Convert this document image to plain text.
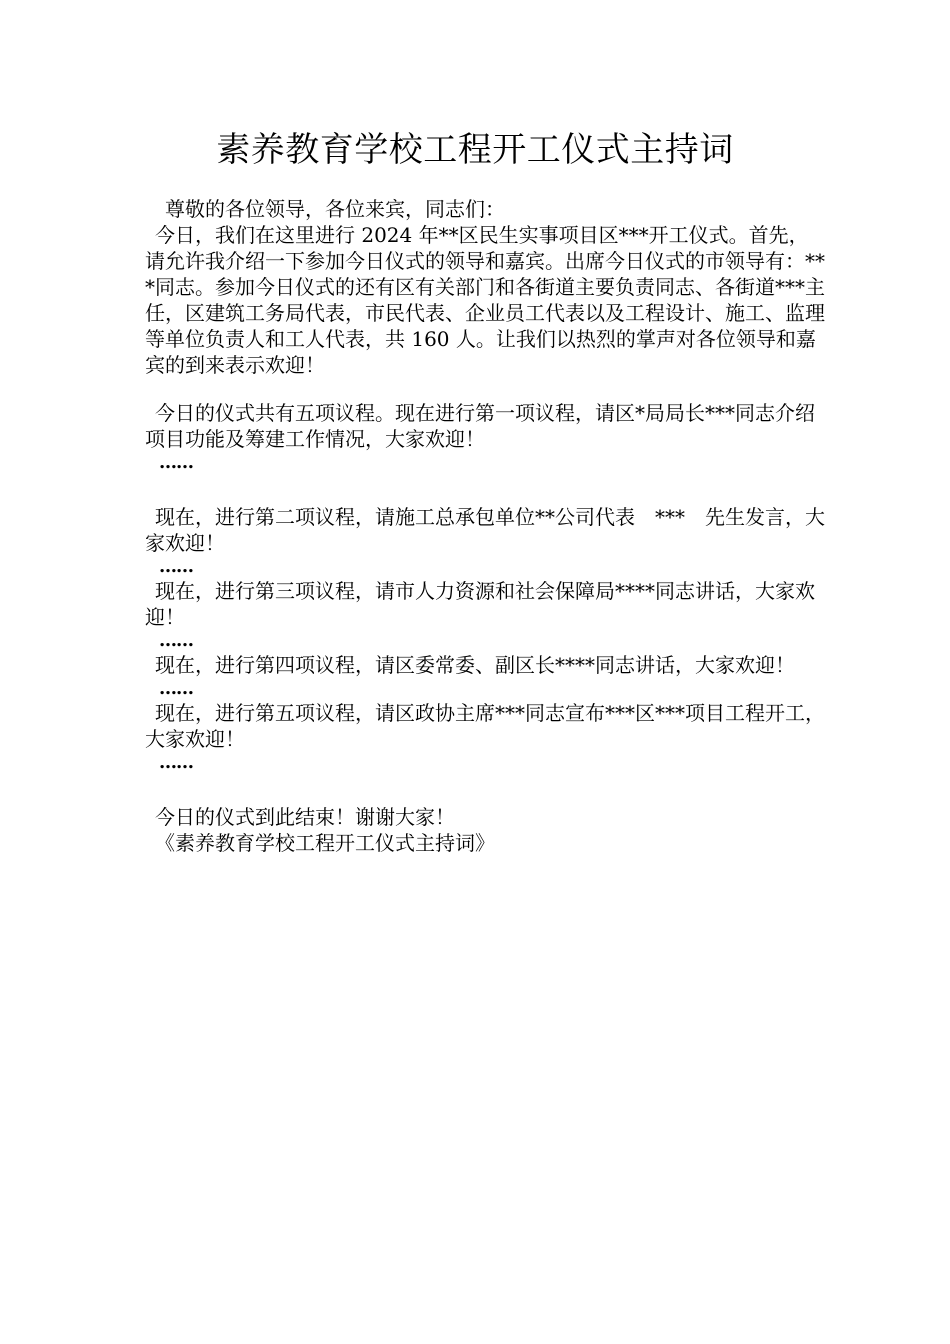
素养教育学校工程开工仪式主持词

尊敬的各位领导，各位来宾，同志们：

今日，我们在这里进行 2024 年**区民生实事项目区***开工仪式。首先，请允许我介绍一下参加今日仪式的领导和嘉宾。出席今日仪式的市领导有：***同志。参加今日仪式的还有区有关部门和各街道主要负责同志、各街道***主任，区建筑工务局代表，市民代表、企业员工代表以及工程设计、施工、监理等单位负责人和工人代表，共 160 人。让我们以热烈的掌声对各位领导和嘉宾的到来表示欢迎！

今日的仪式共有五项议程。现在进行第一项议程，请区*局局长***同志介绍项目功能及筹建工作情况，大家欢迎！

……

现在，进行第二项议程，请施工总承包单位**公司代表　***　先生发言，大家欢迎！

……

现在，进行第三项议程，请市人力资源和社会保障局****同志讲话，大家欢迎！

……

现在，进行第四项议程，请区委常委、副区长****同志讲话，大家欢迎！

……

现在，进行第五项议程，请区政协主席***同志宣布***区***项目工程开工，大家欢迎！

……

今日的仪式到此结束！谢谢大家！

《素养教育学校工程开工仪式主持词》
